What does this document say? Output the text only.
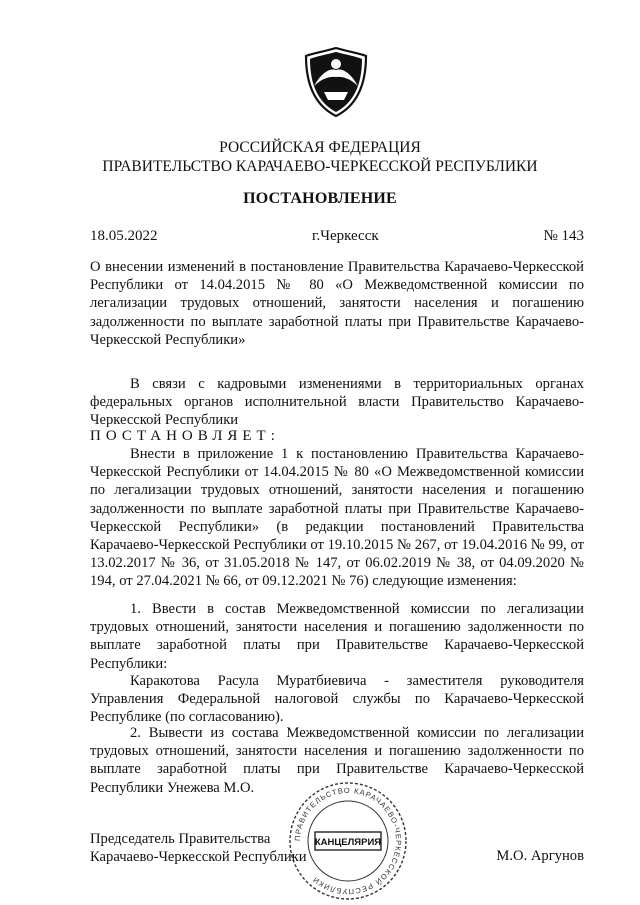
РОССИЙСКАЯ ФЕДЕРАЦИЯ
ПРАВИТЕЛЬСТВО КАРАЧАЕВО-ЧЕРКЕССКОЙ РЕСПУБЛИКИ
ПОСТАНОВЛЕНИЕ
18.05.2022	г.Черкесск	№ 143
О внесении изменений в постановление Правительства Карачаево-Черкесской Республики от 14.04.2015 № 80 «О Межведомственной комиссии по легализации трудовых отношений, занятости населения и погашению задолженности по выплате заработной платы при Правительстве Карачаево-Черкесской Республики»
В связи с кадровыми изменениями в территориальных органах федеральных органов исполнительной власти Правительство Карачаево-Черкесской Республики
ПОСТАНОВЛЯЕТ:
Внести в приложение 1 к постановлению Правительства Карачаево-Черкесской Республики от 14.04.2015 № 80 «О Межведомственной комиссии по легализации трудовых отношений, занятости населения и погашению задолженности по выплате заработной платы при Правительстве Карачаево-Черкесской Республики» (в редакции постановлений Правительства Карачаево-Черкесской Республики от 19.10.2015 № 267, от 19.04.2016 № 99, от 13.02.2017 № 36, от 31.05.2018 № 147, от 06.02.2019 № 38, от 04.09.2020 № 194, от 27.04.2021 № 66, от 09.12.2021 № 76) следующие изменения:
1. Ввести в состав Межведомственной комиссии по легализации трудовых отношений, занятости населения и погашению задолженности по выплате заработной платы при Правительстве Карачаево-Черкесской Республики:
Каракотова Расула Муратбиевича - заместителя руководителя Управления Федеральной налоговой службы по Карачаево-Черкесской Республике (по согласованию).
2. Вывести из состава Межведомственной комиссии по легализации трудовых отношений, занятости населения и погашению задолженности по выплате заработной платы при Правительстве Карачаево-Черкесской Республики Унежева М.О.
Председатель Правительства
Карачаево-Черкесской Республики	М.О. Аргунов
ПРАВИТЕЛЬСТВО КАРАЧАЕВО-ЧЕРКЕССКОЙ РЕСПУБЛИКИ
КАНЦЕЛЯРИЯ
